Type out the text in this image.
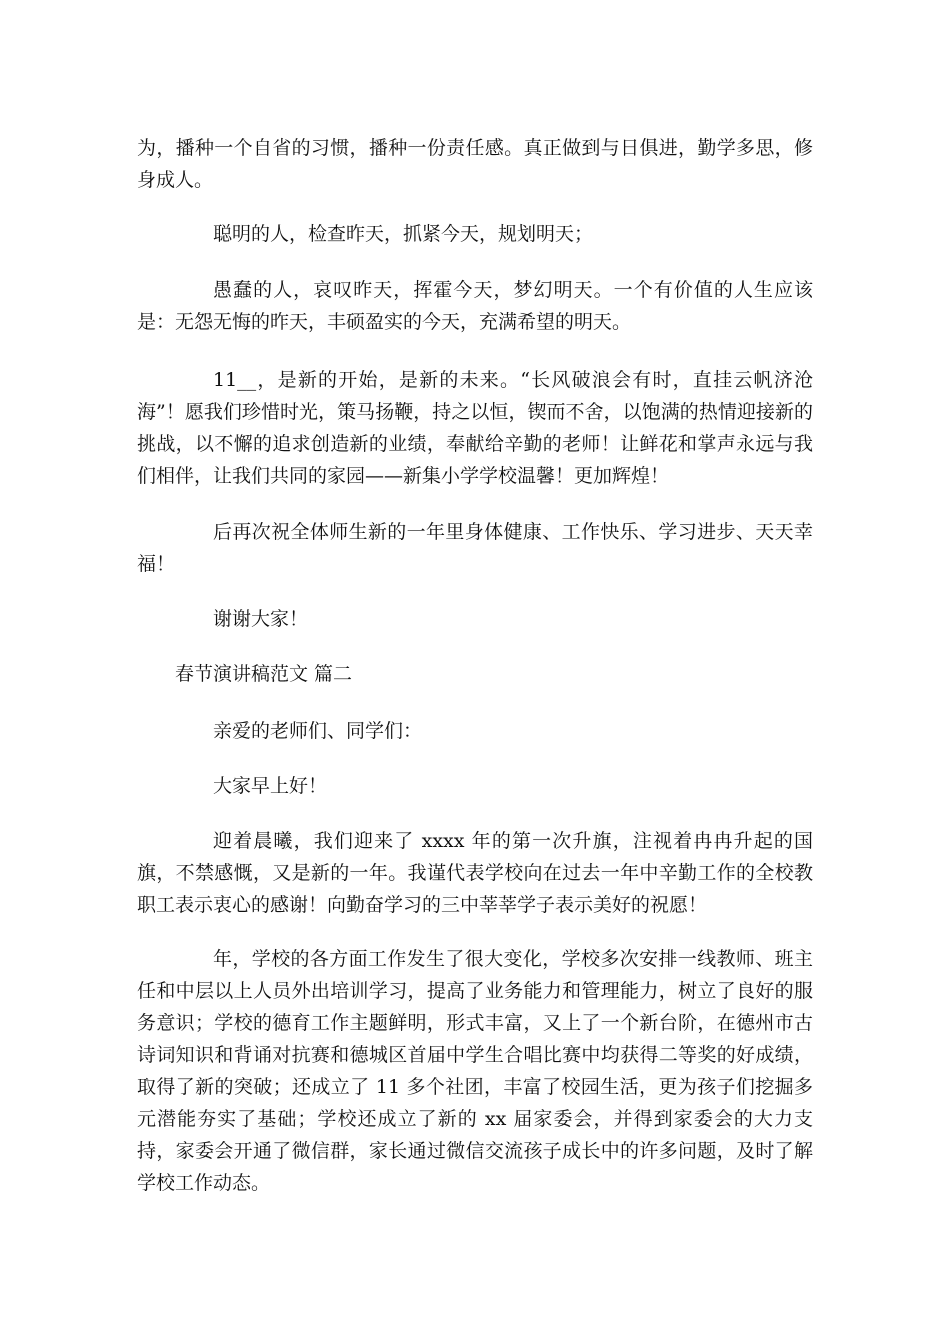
为，播种一个自省的习惯，播种一份责任感。真正做到与日俱进，勤学多思，修身成人。

聪明的人，检查昨天，抓紧今天，规划明天；

愚蠢的人，哀叹昨天，挥霍今天，梦幻明天。一个有价值的人生应该是：无怨无悔的昨天，丰硕盈实的今天，充满希望的明天。

11__，是新的开始，是新的未来。“长风破浪会有时，直挂云帆济沧海”！愿我们珍惜时光，策马扬鞭，持之以恒，锲而不舍，以饱满的热情迎接新的挑战，以不懈的追求创造新的业绩，奉献给辛勤的老师！让鲜花和掌声永远与我们相伴，让我们共同的家园——新集小学学校温馨！更加辉煌！

后再次祝全体师生新的一年里身体健康、工作快乐、学习进步、天天幸福！

谢谢大家！

春节演讲稿范文 篇二

亲爱的老师们、同学们：

大家早上好！

迎着晨曦，我们迎来了 xxxx 年的第一次升旗，注视着冉冉升起的国旗，不禁感慨，又是新的一年。我谨代表学校向在过去一年中辛勤工作的全校教职工表示衷心的感谢！向勤奋学习的三中莘莘学子表示美好的祝愿！

年，学校的各方面工作发生了很大变化，学校多次安排一线教师、班主任和中层以上人员外出培训学习，提高了业务能力和管理能力，树立了良好的服务意识；学校的德育工作主题鲜明，形式丰富，又上了一个新台阶，在德州市古诗词知识和背诵对抗赛和德城区首届中学生合唱比赛中均获得二等奖的好成绩，取得了新的突破；还成立了 11 多个社团，丰富了校园生活，更为孩子们挖掘多元潜能夯实了基础；学校还成立了新的 xx 届家委会，并得到家委会的大力支持，家委会开通了微信群，家长通过微信交流孩子成长中的许多问题，及时了解学校工作动态。
